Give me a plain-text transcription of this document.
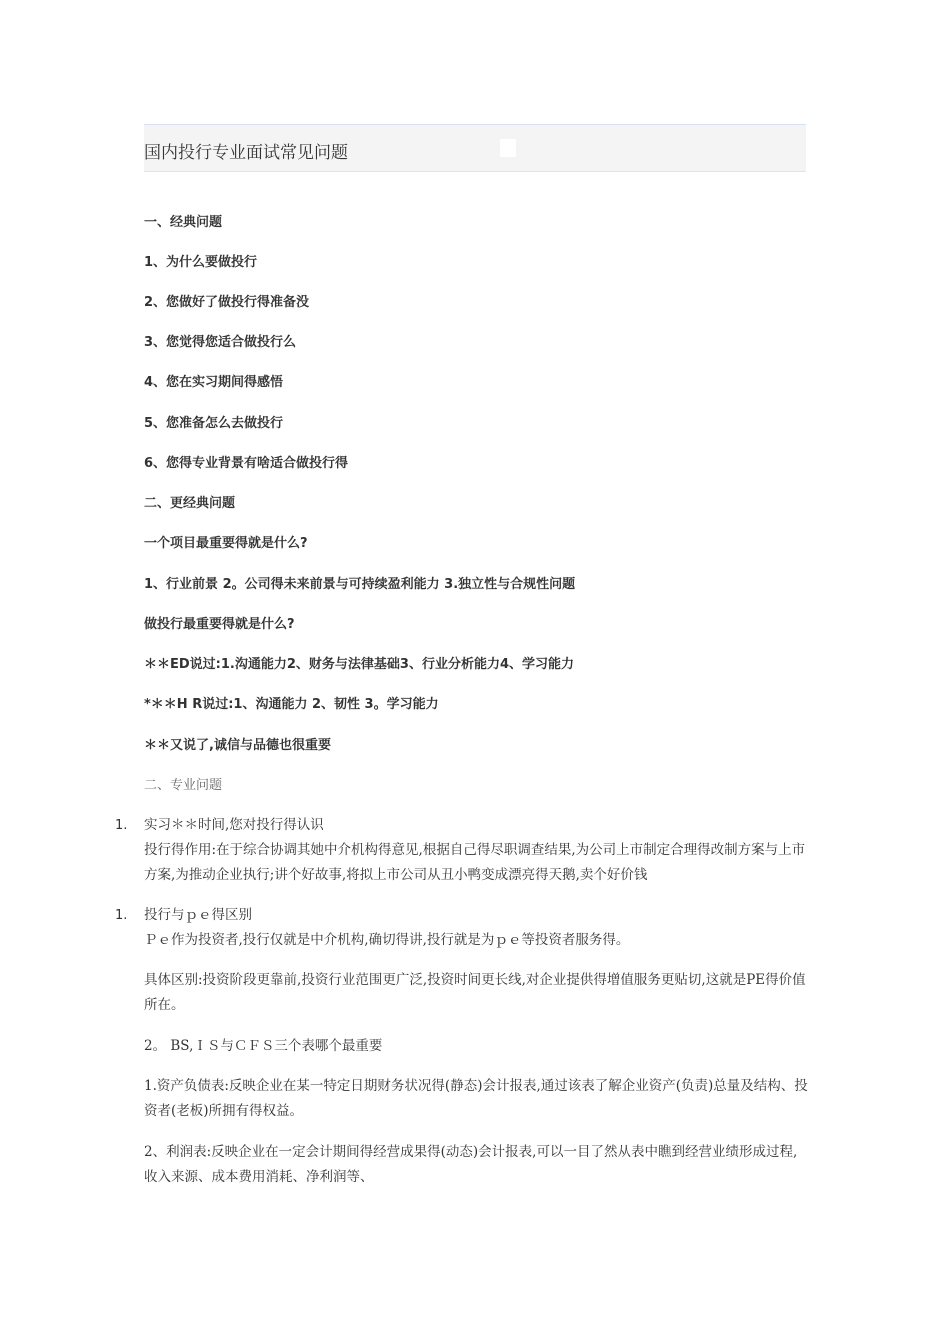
国内投行专业面试常见问题
一、经典问题
1、为什么要做投行
2、您做好了做投行得准备没
3、您觉得您适合做投行么
4、您在实习期间得感悟
5、您准备怎么去做投行
6、您得专业背景有啥适合做投行得
二、更经典问题
一个项目最重要得就是什么?
1、行业前景 2。公司得未来前景与可持续盈利能力 3.独立性与合规性问题
做投行最重要得就是什么?
＊＊ED说过:1.沟通能力2、财务与法律基础3、行业分析能力4、学习能力
*＊＊H R说过:1、沟通能力 2、韧性 3。学习能力
＊＊又说了,诚信与品德也很重要
二、专业问题
1. 实习＊＊时间,您对投行得认识
投行得作用:在于综合协调其她中介机构得意见,根据自己得尽职调查结果,为公司上市制定合理得改制方案与上市方案,为推动企业执行;讲个好故事,将拟上市公司从丑小鸭变成漂亮得天鹅,卖个好价钱
1. 投行与ｐｅ得区别
Ｐｅ作为投资者,投行仅就是中介机构,确切得讲,投行就是为ｐｅ等投资者服务得。
具体区别:投资阶段更靠前,投资行业范围更广泛,投资时间更长线,对企业提供得增值服务更贴切,这就是PE得价值所在。
2。 BS,ＩＳ与ＣＦＳ三个表哪个最重要
1.资产负债表:反映企业在某一特定日期财务状况得(静态)会计报表,通过该表了解企业资产(负责)总量及结构、投资者(老板)所拥有得权益。
2、利润表:反映企业在一定会计期间得经营成果得(动态)会计报表,可以一目了然从表中瞧到经营业绩形成过程,收入来源、成本费用消耗、净利润等、
